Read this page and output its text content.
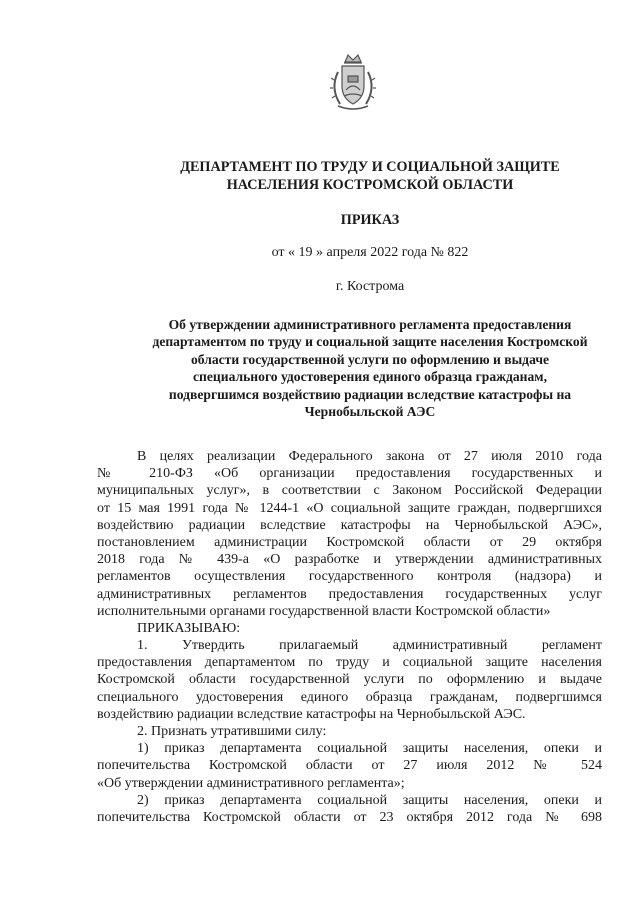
ДЕПАРТАМЕНТ ПО ТРУДУ И СОЦИАЛЬНОЙ ЗАЩИТЕ
НАСЕЛЕНИЯ КОСТРОМСКОЙ ОБЛАСТИ
ПРИКАЗ
от « 19 » апреля 2022 года № 822
г. Кострома
Об утверждении административного регламента предоставления
департаментом по труду и социальной защите населения Костромской
области государственной услуги по оформлению и выдаче
специального удостоверения единого образца гражданам,
подвергшимся воздействию радиации вследствие катастрофы на
Чернобыльской АЭС
В целях реализации Федерального закона от 27 июля 2010 года
№ 210-ФЗ «Об организации предоставления государственных и
муниципальных услуг», в соответствии с Законом Российской Федерации
от 15 мая 1991 года № 1244-1 «О социальной защите граждан, подвергшихся
воздействию радиации вследствие катастрофы на Чернобыльской АЭС»,
постановлением администрации Костромской области от 29 октября
2018 года № 439-а «О разработке и утверждении административных
регламентов осуществления государственного контроля (надзора) и
административных регламентов предоставления государственных услуг
исполнительными органами государственной власти Костромской области»
ПРИКАЗЫВАЮ:
1. Утвердить прилагаемый административный регламент
предоставления департаментом по труду и социальной защите населения
Костромской области государственной услуги по оформлению и выдаче
специального удостоверения единого образца гражданам, подвергшимся
воздействию радиации вследствие катастрофы на Чернобыльской АЭС.
2. Признать утратившими силу:
1) приказ департамента социальной защиты населения, опеки и
попечительства Костромской области от 27 июля 2012 № 524
«Об утверждении административного регламента»;
2) приказ департамента социальной защиты населения, опеки и
попечительства Костромской области от 23 октября 2012 года № 698
